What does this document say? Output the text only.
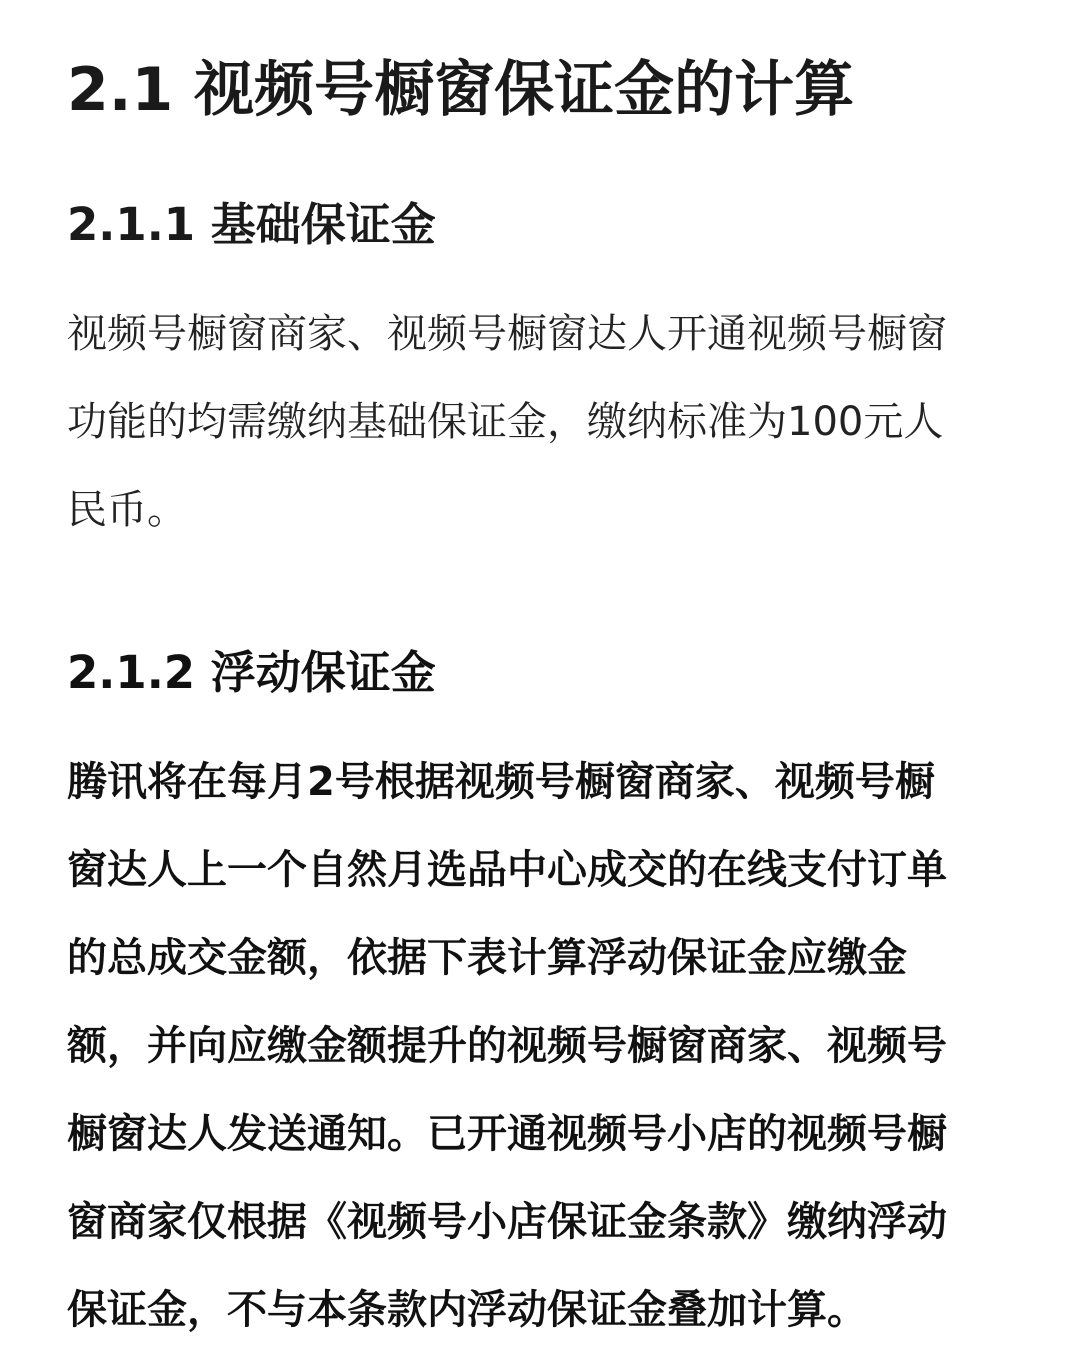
2.1 视频号橱窗保证金的计算
2.1.1 基础保证金
视频号橱窗商家、视频号橱窗达人开通视频号橱窗
功能的均需缴纳基础保证金，缴纳标准为100元人
民币。
2.1.2 浮动保证金
腾讯将在每月2号根据视频号橱窗商家、视频号橱
窗达人上一个自然月选品中心成交的在线支付订单
的总成交金额，依据下表计算浮动保证金应缴金
额，并向应缴金额提升的视频号橱窗商家、视频号
橱窗达人发送通知。已开通视频号小店的视频号橱
窗商家仅根据《视频号小店保证金条款》缴纳浮动
保证金，不与本条款内浮动保证金叠加计算。
